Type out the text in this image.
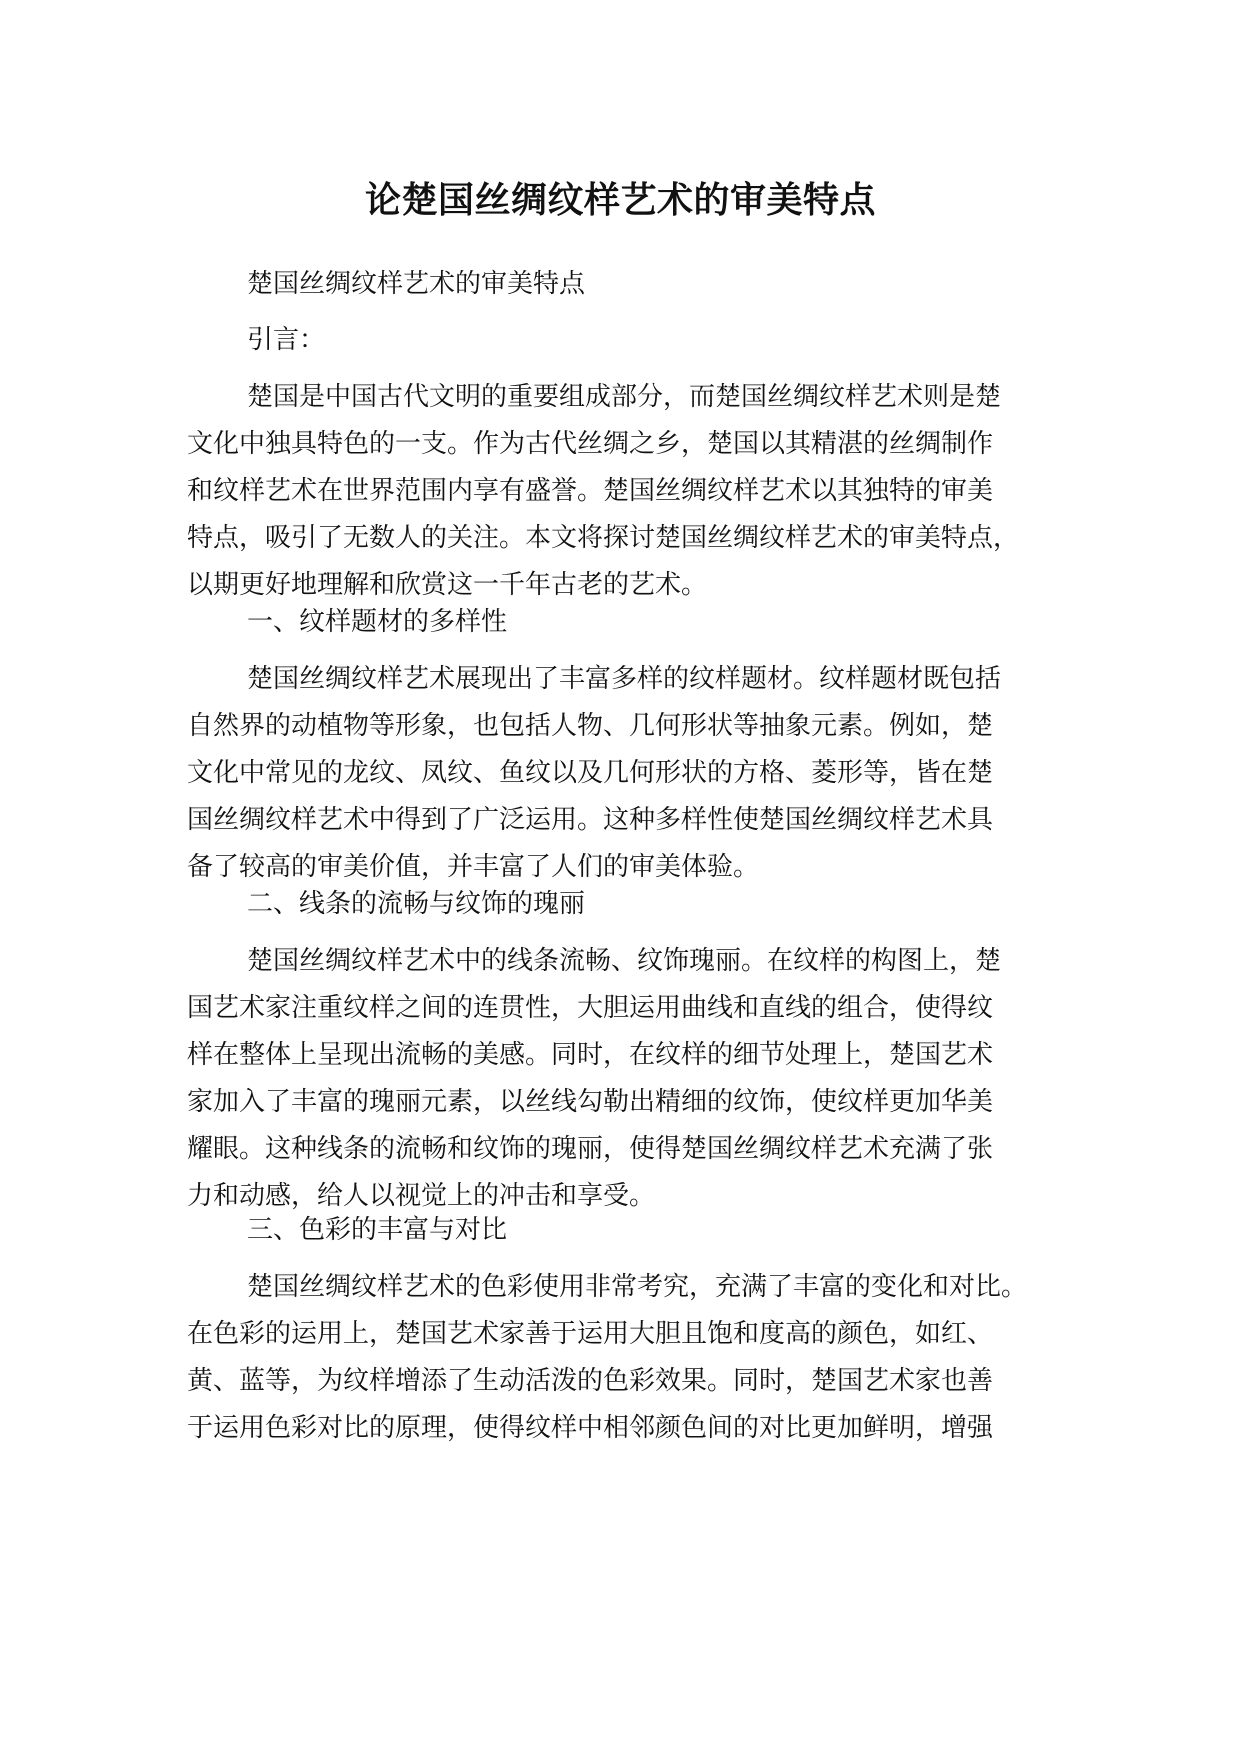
论楚国丝绸纹样艺术的审美特点

楚国丝绸纹样艺术的审美特点

引言：

楚国是中国古代文明的重要组成部分，而楚国丝绸纹样艺术则是楚
文化中独具特色的一支。作为古代丝绸之乡，楚国以其精湛的丝绸制作
和纹样艺术在世界范围内享有盛誉。楚国丝绸纹样艺术以其独特的审美
特点，吸引了无数人的关注。本文将探讨楚国丝绸纹样艺术的审美特点，
以期更好地理解和欣赏这一千年古老的艺术。

一、纹样题材的多样性

楚国丝绸纹样艺术展现出了丰富多样的纹样题材。纹样题材既包括
自然界的动植物等形象，也包括人物、几何形状等抽象元素。例如，楚
文化中常见的龙纹、凤纹、鱼纹以及几何形状的方格、菱形等，皆在楚
国丝绸纹样艺术中得到了广泛运用。这种多样性使楚国丝绸纹样艺术具
备了较高的审美价值，并丰富了人们的审美体验。

二、线条的流畅与纹饰的瑰丽

楚国丝绸纹样艺术中的线条流畅、纹饰瑰丽。在纹样的构图上，楚
国艺术家注重纹样之间的连贯性，大胆运用曲线和直线的组合，使得纹
样在整体上呈现出流畅的美感。同时，在纹样的细节处理上，楚国艺术
家加入了丰富的瑰丽元素，以丝线勾勒出精细的纹饰，使纹样更加华美
耀眼。这种线条的流畅和纹饰的瑰丽，使得楚国丝绸纹样艺术充满了张
力和动感，给人以视觉上的冲击和享受。

三、色彩的丰富与对比

楚国丝绸纹样艺术的色彩使用非常考究，充满了丰富的变化和对比。
在色彩的运用上，楚国艺术家善于运用大胆且饱和度高的颜色，如红、
黄、蓝等，为纹样增添了生动活泼的色彩效果。同时，楚国艺术家也善
于运用色彩对比的原理，使得纹样中相邻颜色间的对比更加鲜明，增强
